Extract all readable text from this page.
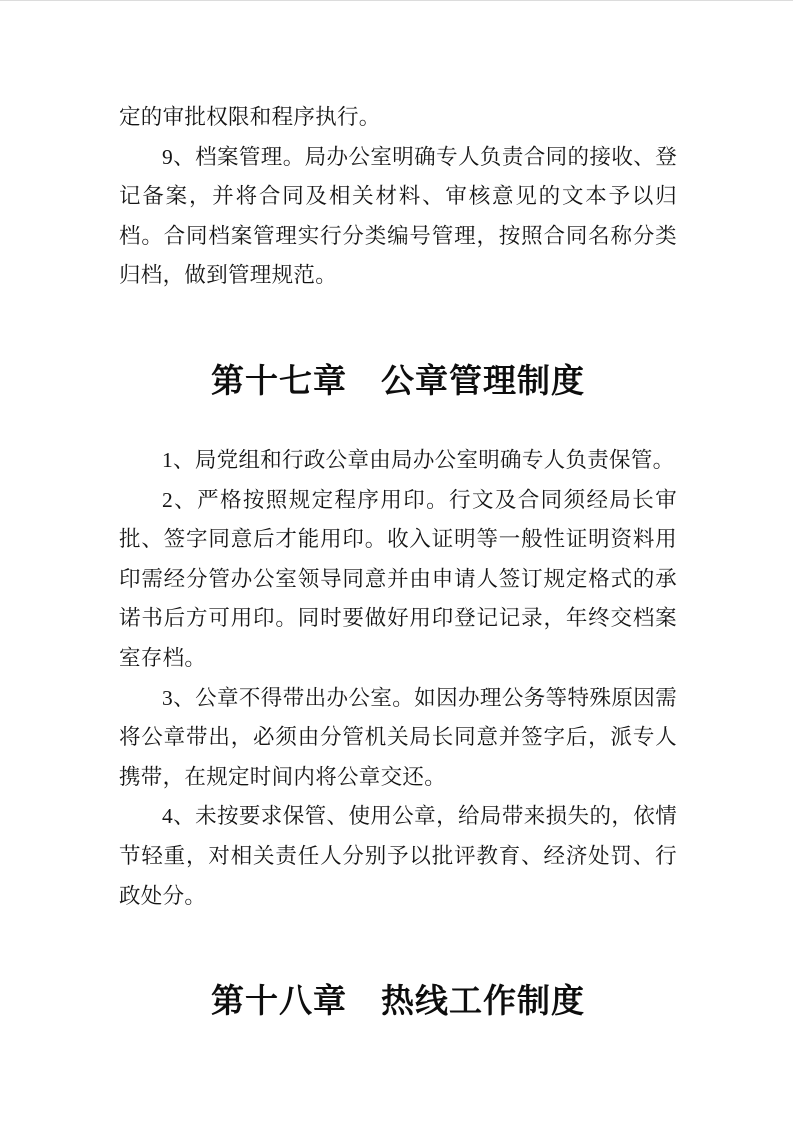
定的审批权限和程序执行。

9、档案管理。局办公室明确专人负责合同的接收、登记备案，并将合同及相关材料、审核意见的文本予以归档。合同档案管理实行分类编号管理，按照合同名称分类归档，做到管理规范。

第十七章　公章管理制度

1、局党组和行政公章由局办公室明确专人负责保管。

2、严格按照规定程序用印。行文及合同须经局长审批、签字同意后才能用印。收入证明等一般性证明资料用印需经分管办公室领导同意并由申请人签订规定格式的承诺书后方可用印。同时要做好用印登记记录，年终交档案室存档。

3、公章不得带出办公室。如因办理公务等特殊原因需将公章带出，必须由分管机关局长同意并签字后，派专人携带，在规定时间内将公章交还。

4、未按要求保管、使用公章，给局带来损失的，依情节轻重，对相关责任人分别予以批评教育、经济处罚、行政处分。

第十八章　热线工作制度
